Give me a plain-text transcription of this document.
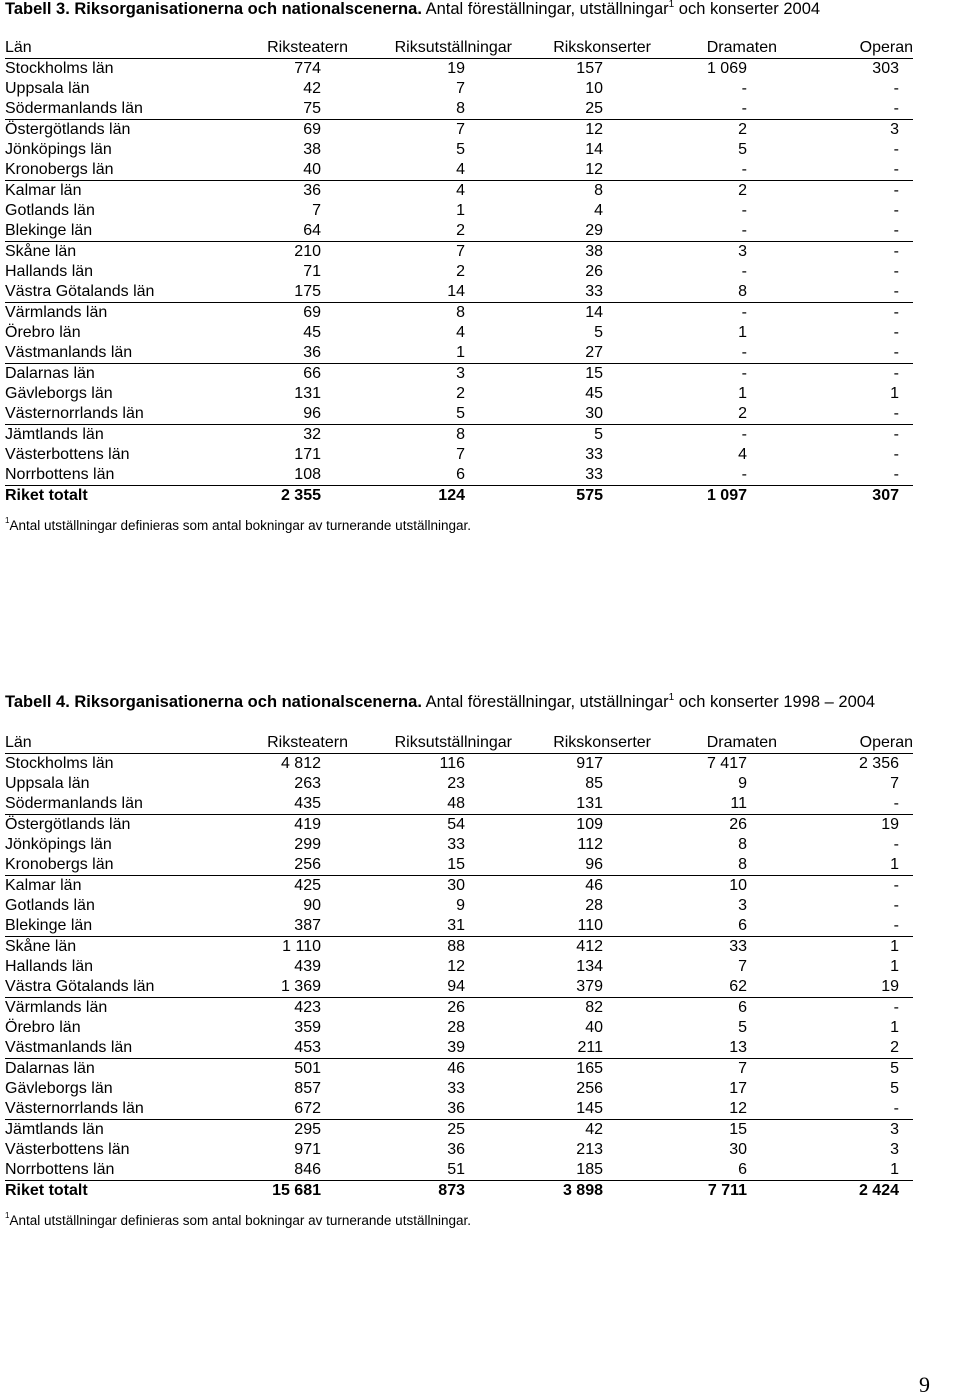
Tabell 3. Riksorganisationerna och nationalscenerna. Antal föreställningar, utställningar$^1$ och konserter 2004
Län	Riksteatern	Riksutställningar	Rikskonserter	Dramaten	Operan
Stockholms län	774	19	157	1 069	303
Uppsala län	42	7	10	-	-
Södermanlands län	75	8	25	-	-
Östergötlands län	69	7	12	2	3
Jönköpings län	38	5	14	5	-
Kronobergs län	40	4	12	-	-
Kalmar län	36	4	8	2	-
Gotlands län	7	1	4	-	-
Blekinge län	64	2	29	-	-
Skåne län	210	7	38	3	-
Hallands län	71	2	26	-	-
Västra Götalands län	175	14	33	8	-
Värmlands län	69	8	14	-	-
Örebro län	45	4	5	1	-
Västmanlands län	36	1	27	-	-
Dalarnas län	66	3	15	-	-
Gävleborgs län	131	2	45	1	1
Västernorrlands län	96	5	30	2	-
Jämtlands län	32	8	5	-	-
Västerbottens län	171	7	33	4	-
Norrbottens län	108	6	33	-	-
Riket totalt	2 355	124	575	1 097	307
$^1$Antal utställningar definieras som antal bokningar av turnerande utställningar.
Tabell 4. Riksorganisationerna och nationalscenerna. Antal föreställningar, utställningar$^1$ och konserter 1998 – 2004
Län	Riksteatern	Riksutställningar	Rikskonserter	Dramaten	Operan
Stockholms län	4 812	116	917	7 417	2 356
Uppsala län	263	23	85	9	7
Södermanlands län	435	48	131	11	-
Östergötlands län	419	54	109	26	19
Jönköpings län	299	33	112	8	-
Kronobergs län	256	15	96	8	1
Kalmar län	425	30	46	10	-
Gotlands län	90	9	28	3	-
Blekinge län	387	31	110	6	-
Skåne län	1 110	88	412	33	1
Hallands län	439	12	134	7	1
Västra Götalands län	1 369	94	379	62	19
Värmlands län	423	26	82	6	-
Örebro län	359	28	40	5	1
Västmanlands län	453	39	211	13	2
Dalarnas län	501	46	165	7	5
Gävleborgs län	857	33	256	17	5
Västernorrlands län	672	36	145	12	-
Jämtlands län	295	25	42	15	3
Västerbottens län	971	36	213	30	3
Norrbottens län	846	51	185	6	1
Riket totalt	15 681	873	3 898	7 711	2 424
$^1$Antal utställningar definieras som antal bokningar av turnerande utställningar.
9
